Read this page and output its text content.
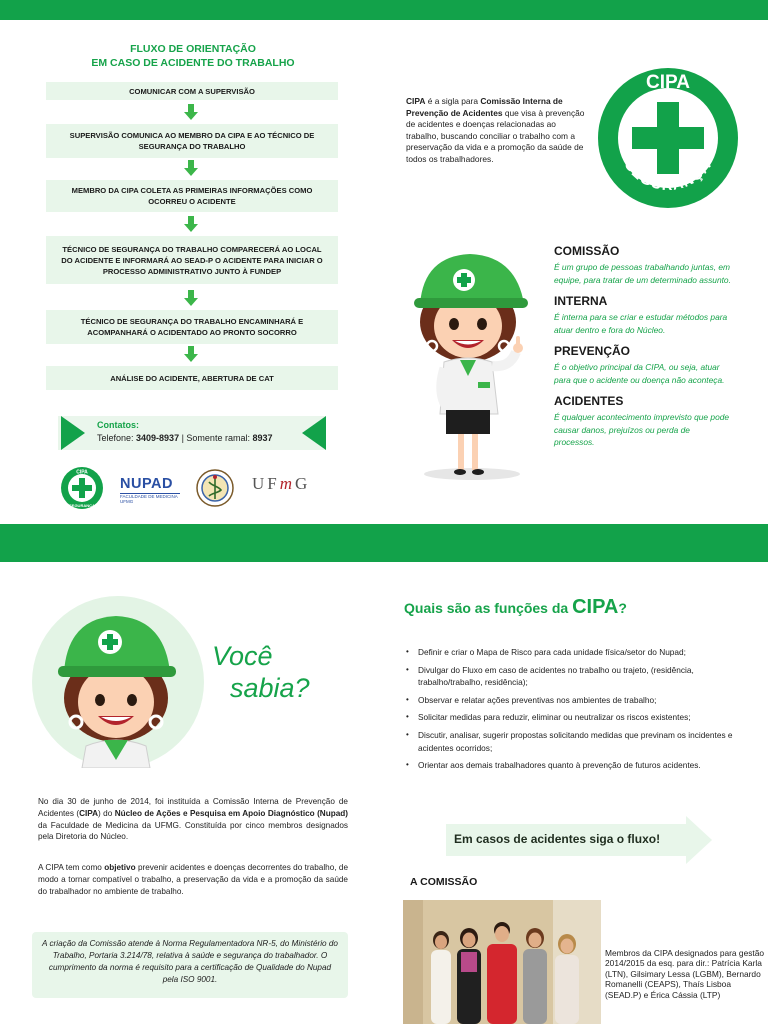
FLUXO DE ORIENTAÇÃO
EM CASO DE ACIDENTE DO TRABALHO
COMUNICAR COM A SUPERVISÃO
SUPERVISÃO COMUNICA AO MEMBRO DA CIPA E AO TÉCNICO DE SEGURANÇA DO TRABALHO
MEMBRO DA CIPA COLETA AS PRIMEIRAS INFORMAÇÕES COMO OCORREU O ACIDENTE
TÉCNICO DE SEGURANÇA DO TRABALHO COMPARECERÁ AO LOCAL DO ACIDENTE E INFORMARÁ AO SEAD-P O ACIDENTE PARA INICIAR O PROCESSO ADMINISTRATIVO JUNTO À FUNDEP
TÉCNICO DE SEGURANÇA DO TRABALHO ENCAMINHARÁ E ACOMPANHARÁ O ACIDENTADO AO PRONTO SOCORRO
ANÁLISE DO ACIDENTE, ABERTURA DE CAT
Contatos:
Telefone: 3409-8937 | Somente ramal: 8937
CIPA
SEGURANÇA
NUPAD
FACULDADE DE MEDICINA UFMG
UFmG
CIPA é a sigla para Comissão Interna de Prevenção de Acidentes que visa à prevenção de acidentes e doenças relacionadas ao trabalho, buscando conciliar o trabalho com a preservação da vida e a promoção da saúde de todos os trabalhadores.
CIPA
SEGURANÇA
COMISSÃO
É um grupo de pessoas trabalhando juntas, em equipe, para tratar de um determinado assunto.
INTERNA
É interna para se criar e estudar métodos para atuar dentro e fora do Núcleo.
PREVENÇÃO
É o objetivo principal da CIPA, ou seja, atuar para que o acidente ou doença não aconteça.
ACIDENTES
É qualquer acontecimento imprevisto que pode causar danos, prejuízos ou perda de processos.
Você
sabia?
No dia 30 de junho de 2014, foi instituída a Comissão Interna de Prevenção de Acidentes (CIPA) do Núcleo de Ações e Pesquisa em Apoio Diagnóstico (Nupad) da Faculdade de Medicina da UFMG. Constituída por cinco membros designados pela Diretoria do Núcleo.
A CIPA tem como objetivo prevenir acidentes e doenças decorrentes do trabalho, de modo a tornar compatível o trabalho, a preservação da vida e a promoção da saúde do trabalhador no ambiente de trabalho.
A criação da Comissão atende à Norma Regulamentadora NR-5, do Ministério do Trabalho, Portaria 3.214/78, relativa à saúde e segurança do trabalhador. O cumprimento da norma é requisito para a certificação de Qualidade do Nupad pela ISO 9001.
Quais são as funções da CIPA?
• Definir e criar o Mapa de Risco para cada unidade física/setor do Nupad;
• Divulgar do Fluxo em caso de acidentes no trabalho ou trajeto, (residência, trabalho/trabalho, residência);
• Observar e relatar ações preventivas nos ambientes de trabalho;
• Solicitar medidas para reduzir, eliminar ou neutralizar os riscos existentes;
• Discutir, analisar, sugerir propostas solicitando medidas que previnam os incidentes e acidentes ocorridos;
• Orientar aos demais trabalhadores quanto à prevenção de futuros acidentes.
Em casos de acidentes siga o fluxo!
A COMISSÃO
Membros da CIPA designados para gestão 2014/2015 da esq. para dir.: Patrícia Karla (LTN), Gilsimary Lessa (LGBM), Bernardo Romanelli (CEAPS), Thaís Lisboa (SEAD.P) e Érica Cássia (LTP)
